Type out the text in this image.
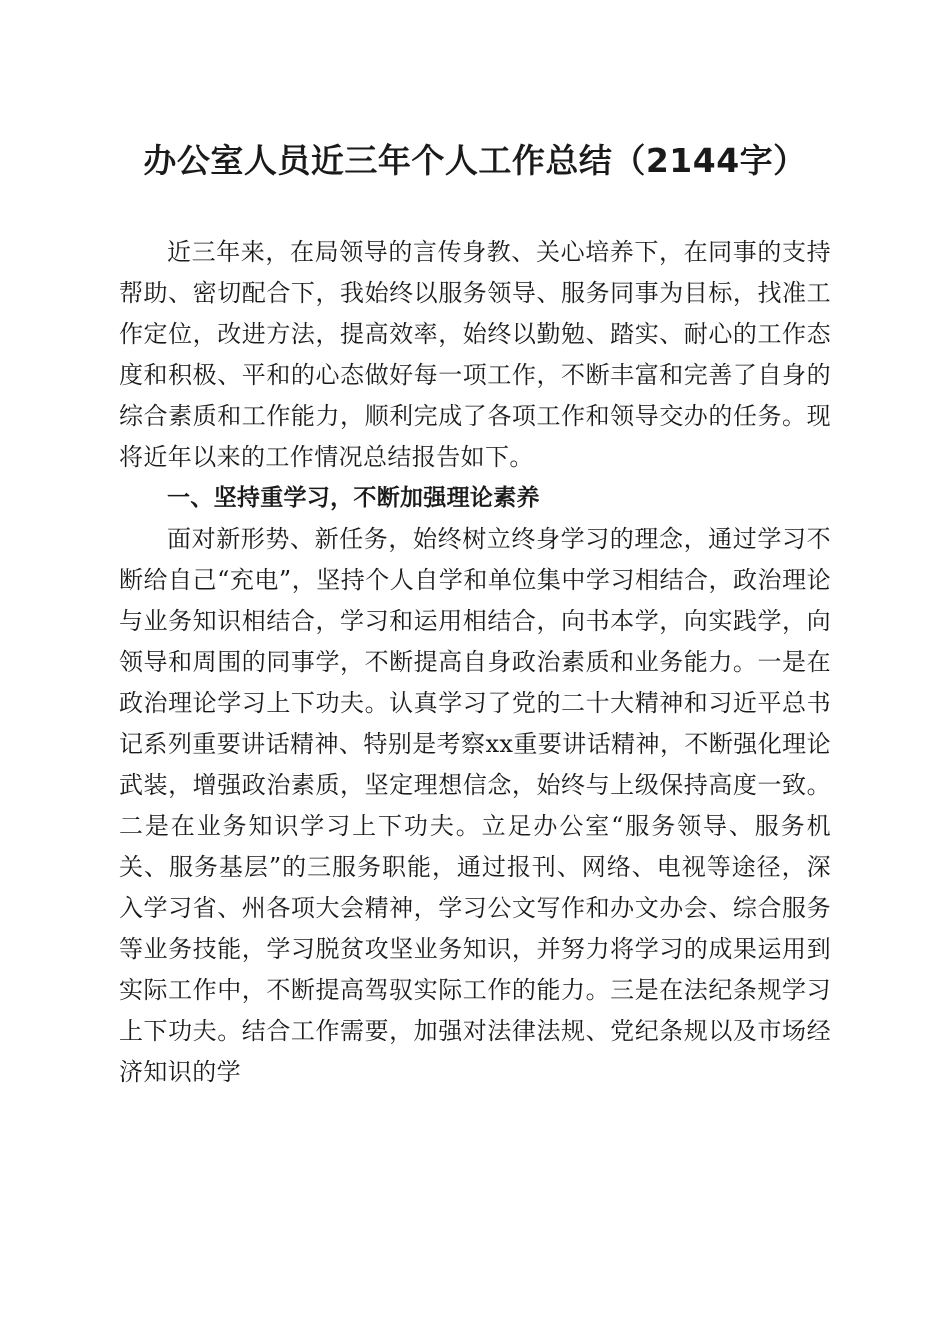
办公室人员近三年个人工作总结（2144字）

近三年来，在局领导的言传身教、关心培养下，在同事的支持帮助、密切配合下，我始终以服务领导、服务同事为目标，找准工作定位，改进方法，提高效率，始终以勤勉、踏实、耐心的工作态度和积极、平和的心态做好每一项工作，不断丰富和完善了自身的综合素质和工作能力，顺利完成了各项工作和领导交办的任务。现将近年以来的工作情况总结报告如下。

一、坚持重学习，不断加强理论素养

面对新形势、新任务，始终树立终身学习的理念，通过学习不断给自己“充电”，坚持个人自学和单位集中学习相结合，政治理论与业务知识相结合，学习和运用相结合，向书本学，向实践学，向领导和周围的同事学，不断提高自身政治素质和业务能力。一是在政治理论学习上下功夫。认真学习了党的二十大精神和习近平总书记系列重要讲话精神、特别是考察xx重要讲话精神，不断强化理论武装，增强政治素质，坚定理想信念，始终与上级保持高度一致。二是在业务知识学习上下功夫。立足办公室“服务领导、服务机关、服务基层”的三服务职能，通过报刊、网络、电视等途径，深入学习省、州各项大会精神，学习公文写作和办文办会、综合服务等业务技能，学习脱贫攻坚业务知识，并努力将学习的成果运用到实际工作中，不断提高驾驭实际工作的能力。三是在法纪条规学习上下功夫。结合工作需要，加强对法律法规、党纪条规以及市场经济知识的学
